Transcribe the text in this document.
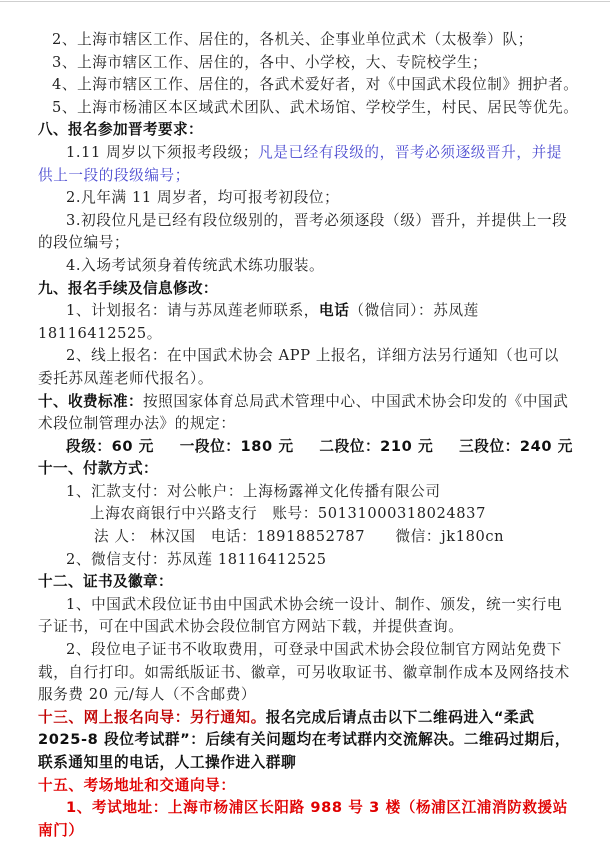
2、上海市辖区工作、居住的，各机关、企事业单位武术（太极拳）队；

3、上海市辖区工作、居住的，各中、小学校，大、专院校学生；

4、上海市辖区工作、居住的，各武术爱好者，对《中国武术段位制》拥护者。

5、上海市杨浦区本区域武术团队、武术场馆、学校学生，村民、居民等优先。

八、报名参加晋考要求：

1.11 周岁以下须报考段级；凡是已经有段级的，晋考必须逐级晋升，并提供上一段的段级编号；

2.凡年满 11 周岁者，均可报考初段位；

3.初段位凡是已经有段位级别的，晋考必须逐段（级）晋升，并提供上一段的段位编号；

4.入场考试须身着传统武术练功服装。

九、报名手续及信息修改：

1、计划报名：请与苏凤莲老师联系，电话（微信同）：苏凤莲 18116412525。

2、线上报名：在中国武术协会 APP 上报名，详细方法另行通知（也可以委托苏凤莲老师代报名）。

十、收费标准：按照国家体育总局武术管理中心、中国武术协会印发的《中国武术段位制管理办法》的规定：

段级：60 元 一段位：180 元 二段位：210 元 三段位：240 元

十一、付款方式：

1、汇款支付：对公帐户：上海杨露禅文化传播有限公司

上海农商银行中兴路支行　账号：50131000318024837

法 人： 林汉国　电话：18918852787　　微信：jk180cn

2、微信支付：苏凤莲 18116412525

十二、证书及徽章：

1、中国武术段位证书由中国武术协会统一设计、制作、颁发，统一实行电子证书，可在中国武术协会段位制官方网站下载，并提供查询。

2、段位电子证书不收取费用，可登录中国武术协会段位制官方网站免费下载，自行打印。如需纸版证书、徽章，可另收取证书、徽章制作成本及网络技术服务费 20 元/每人（不含邮费）

十三、网上报名向导：另行通知。报名完成后请点击以下二维码进入“柔武 2025-8 段位考试群”：后续有关问题均在考试群内交流解决。二维码过期后，联系通知里的电话，人工操作进入群聊

十五、考场地址和交通向导：

1、考试地址：上海市杨浦区长阳路 988 号 3 楼（杨浦区江浦消防救援站南门）
